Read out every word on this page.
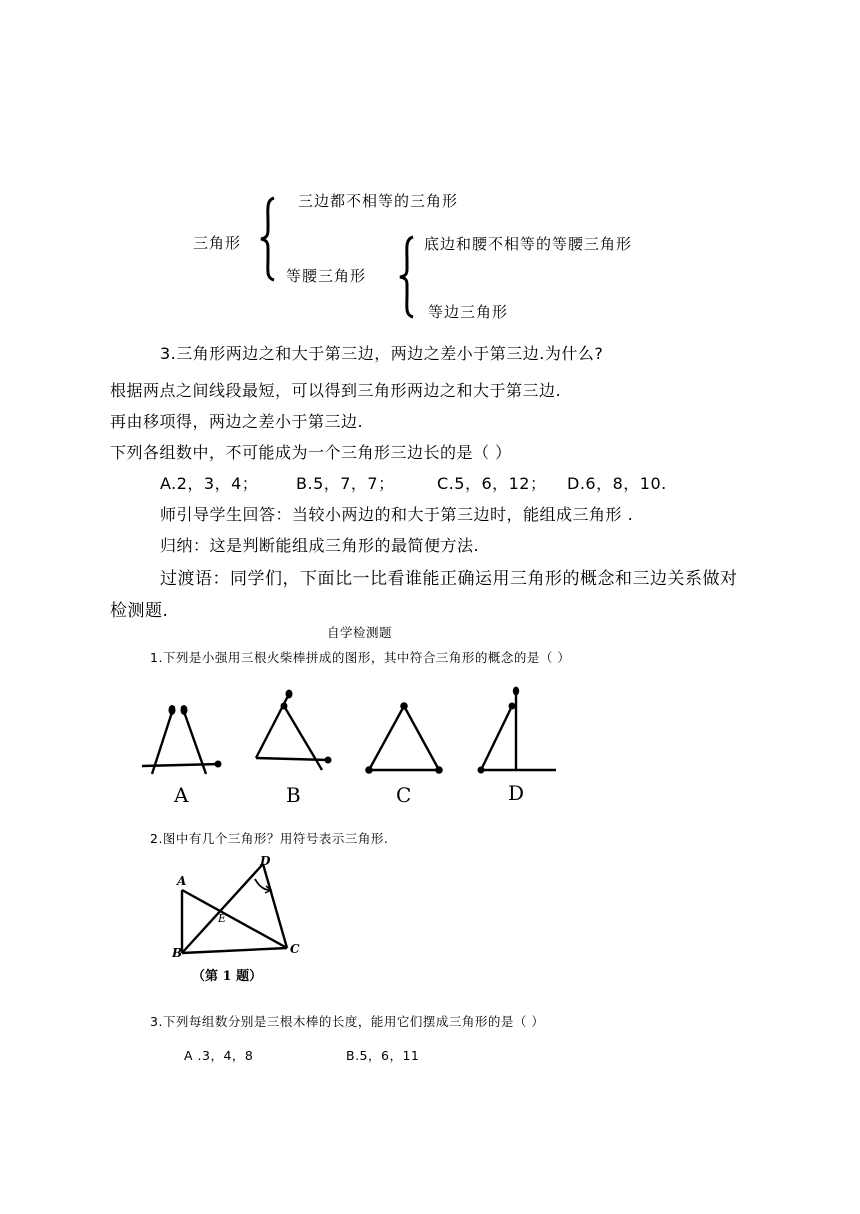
三角形
三边都不相等的三角形
等腰三角形
底边和腰不相等的等腰三角形
等边三角形
3.三角形两边之和大于第三边，两边之差小于第三边.为什么?
根据两点之间线段最短，可以得到三角形两边之和大于第三边.
再由移项得，两边之差小于第三边.
下列各组数中，不可能成为一个三角形三边长的是（ ）
A.2，3，4； B.5，7，7；	C.5，6，12； D.6，8，10.
师引导学生回答：当较小两边的和大于第三边时，能组成三角形 .
归纳：这是判断能组成三角形的最简便方法.
过渡语：同学们，下面比一比看谁能正确运用三角形的概念和三边关系做对
检测题.
自学检测题
1.下列是小强用三根火柴棒拼成的图形，其中符合三角形的概念的是（ ）
A	B	C	D
2.图中有几个三角形？用符号表示三角形.
A
B	C
D
E
（第 1 题）
3.下列每组数分别是三根木棒的长度，能用它们摆成三角形的是（ ）
A .3，4，8	B.5，6，11
